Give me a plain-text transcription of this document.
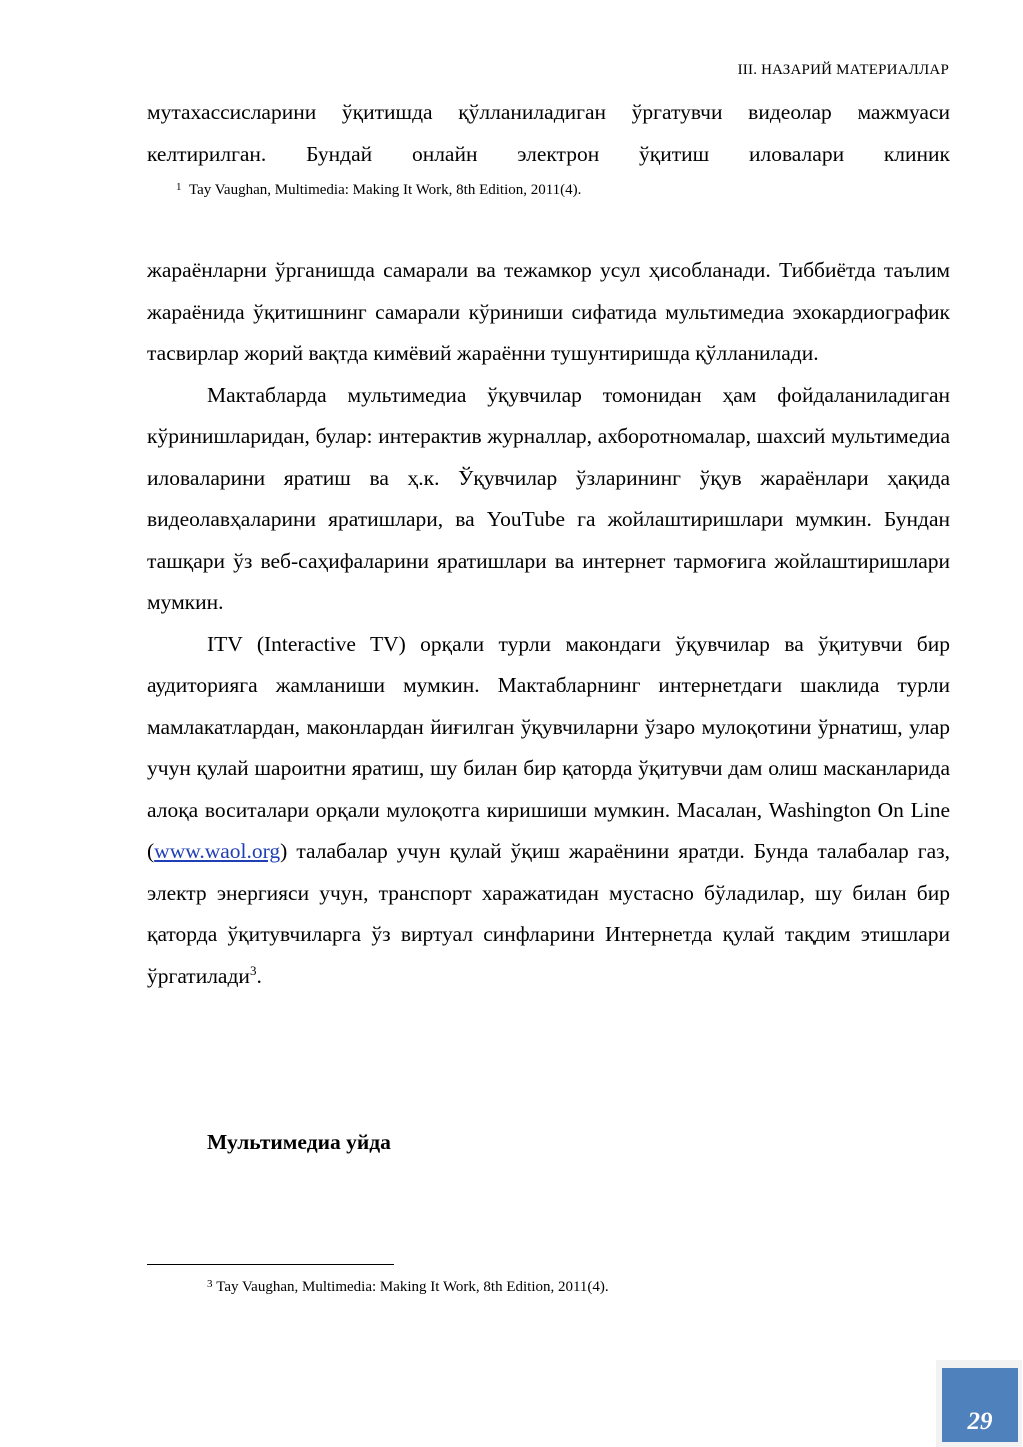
III. НАЗАРИЙ МАТЕРИАЛЛАР

мутахассисларини ўқитишда қўлланиладиган ўргатувчи видеолар мажмуаси

келтирилган. Бундай онлайн электрон ўқитиш иловалари клиник

$^1$ Tay Vaughan, Multimedia: Making It Work, 8th Edition, 2011(4).

жараёнларни ўрганишда самарали ва тежамкор усул ҳисобланади. Тиббиётда таълим жараёнида ўқитишнинг самарали кўриниши сифатида мультимедиа эхокардиографик тасвирлар жорий вақтда кимёвий жараённи тушунтиришда қўлланилади.

Мактабларда мультимедиа ўқувчилар томонидан ҳам фойдаланиладиган кўринишларидан, булар: интерактив журналлар, ахборотномалар, шахсий мультимедиа иловаларини яратиш ва ҳ.к. Ўқувчилар ўзларининг ўқув жараёнлари ҳақида видеолавҳаларини яратишлари, ва YouTube га жойлаштиришлари мумкин. Бундан ташқари ўз веб-саҳифаларини яратишлари ва интернет тармоғига жойлаштиришлари мумкин.

ITV (Interactive TV) орқали турли макондаги ўқувчилар ва ўқитувчи бир аудиторияга жамланиши мумкин. Мактабларнинг интернетдаги шаклида турли мамлакатлардан, маконлардан йиғилган ўқувчиларни ўзаро мулоқотини ўрнатиш, улар учун қулай шароитни яратиш, шу билан бир қаторда ўқитувчи дам олиш масканларида алоқа воситалари орқали мулоқотга киришиши мумкин. Масалан, Washington On Line (www.waol.org) талабалар учун қулай ўқиш жараёнини яратди. Бунда талабалар газ, электр энергияси учун, транспорт харажатидан мустасно бўладилар, шу билан бир қаторда ўқитувчиларга ўз виртуал синфларини Интернетда қулай тақдим этишлари ўргатилади$^3$.

Мультимедиа уйда
$^3$ Tay Vaughan, Multimedia: Making It Work, 8th Edition, 2011(4).
29
